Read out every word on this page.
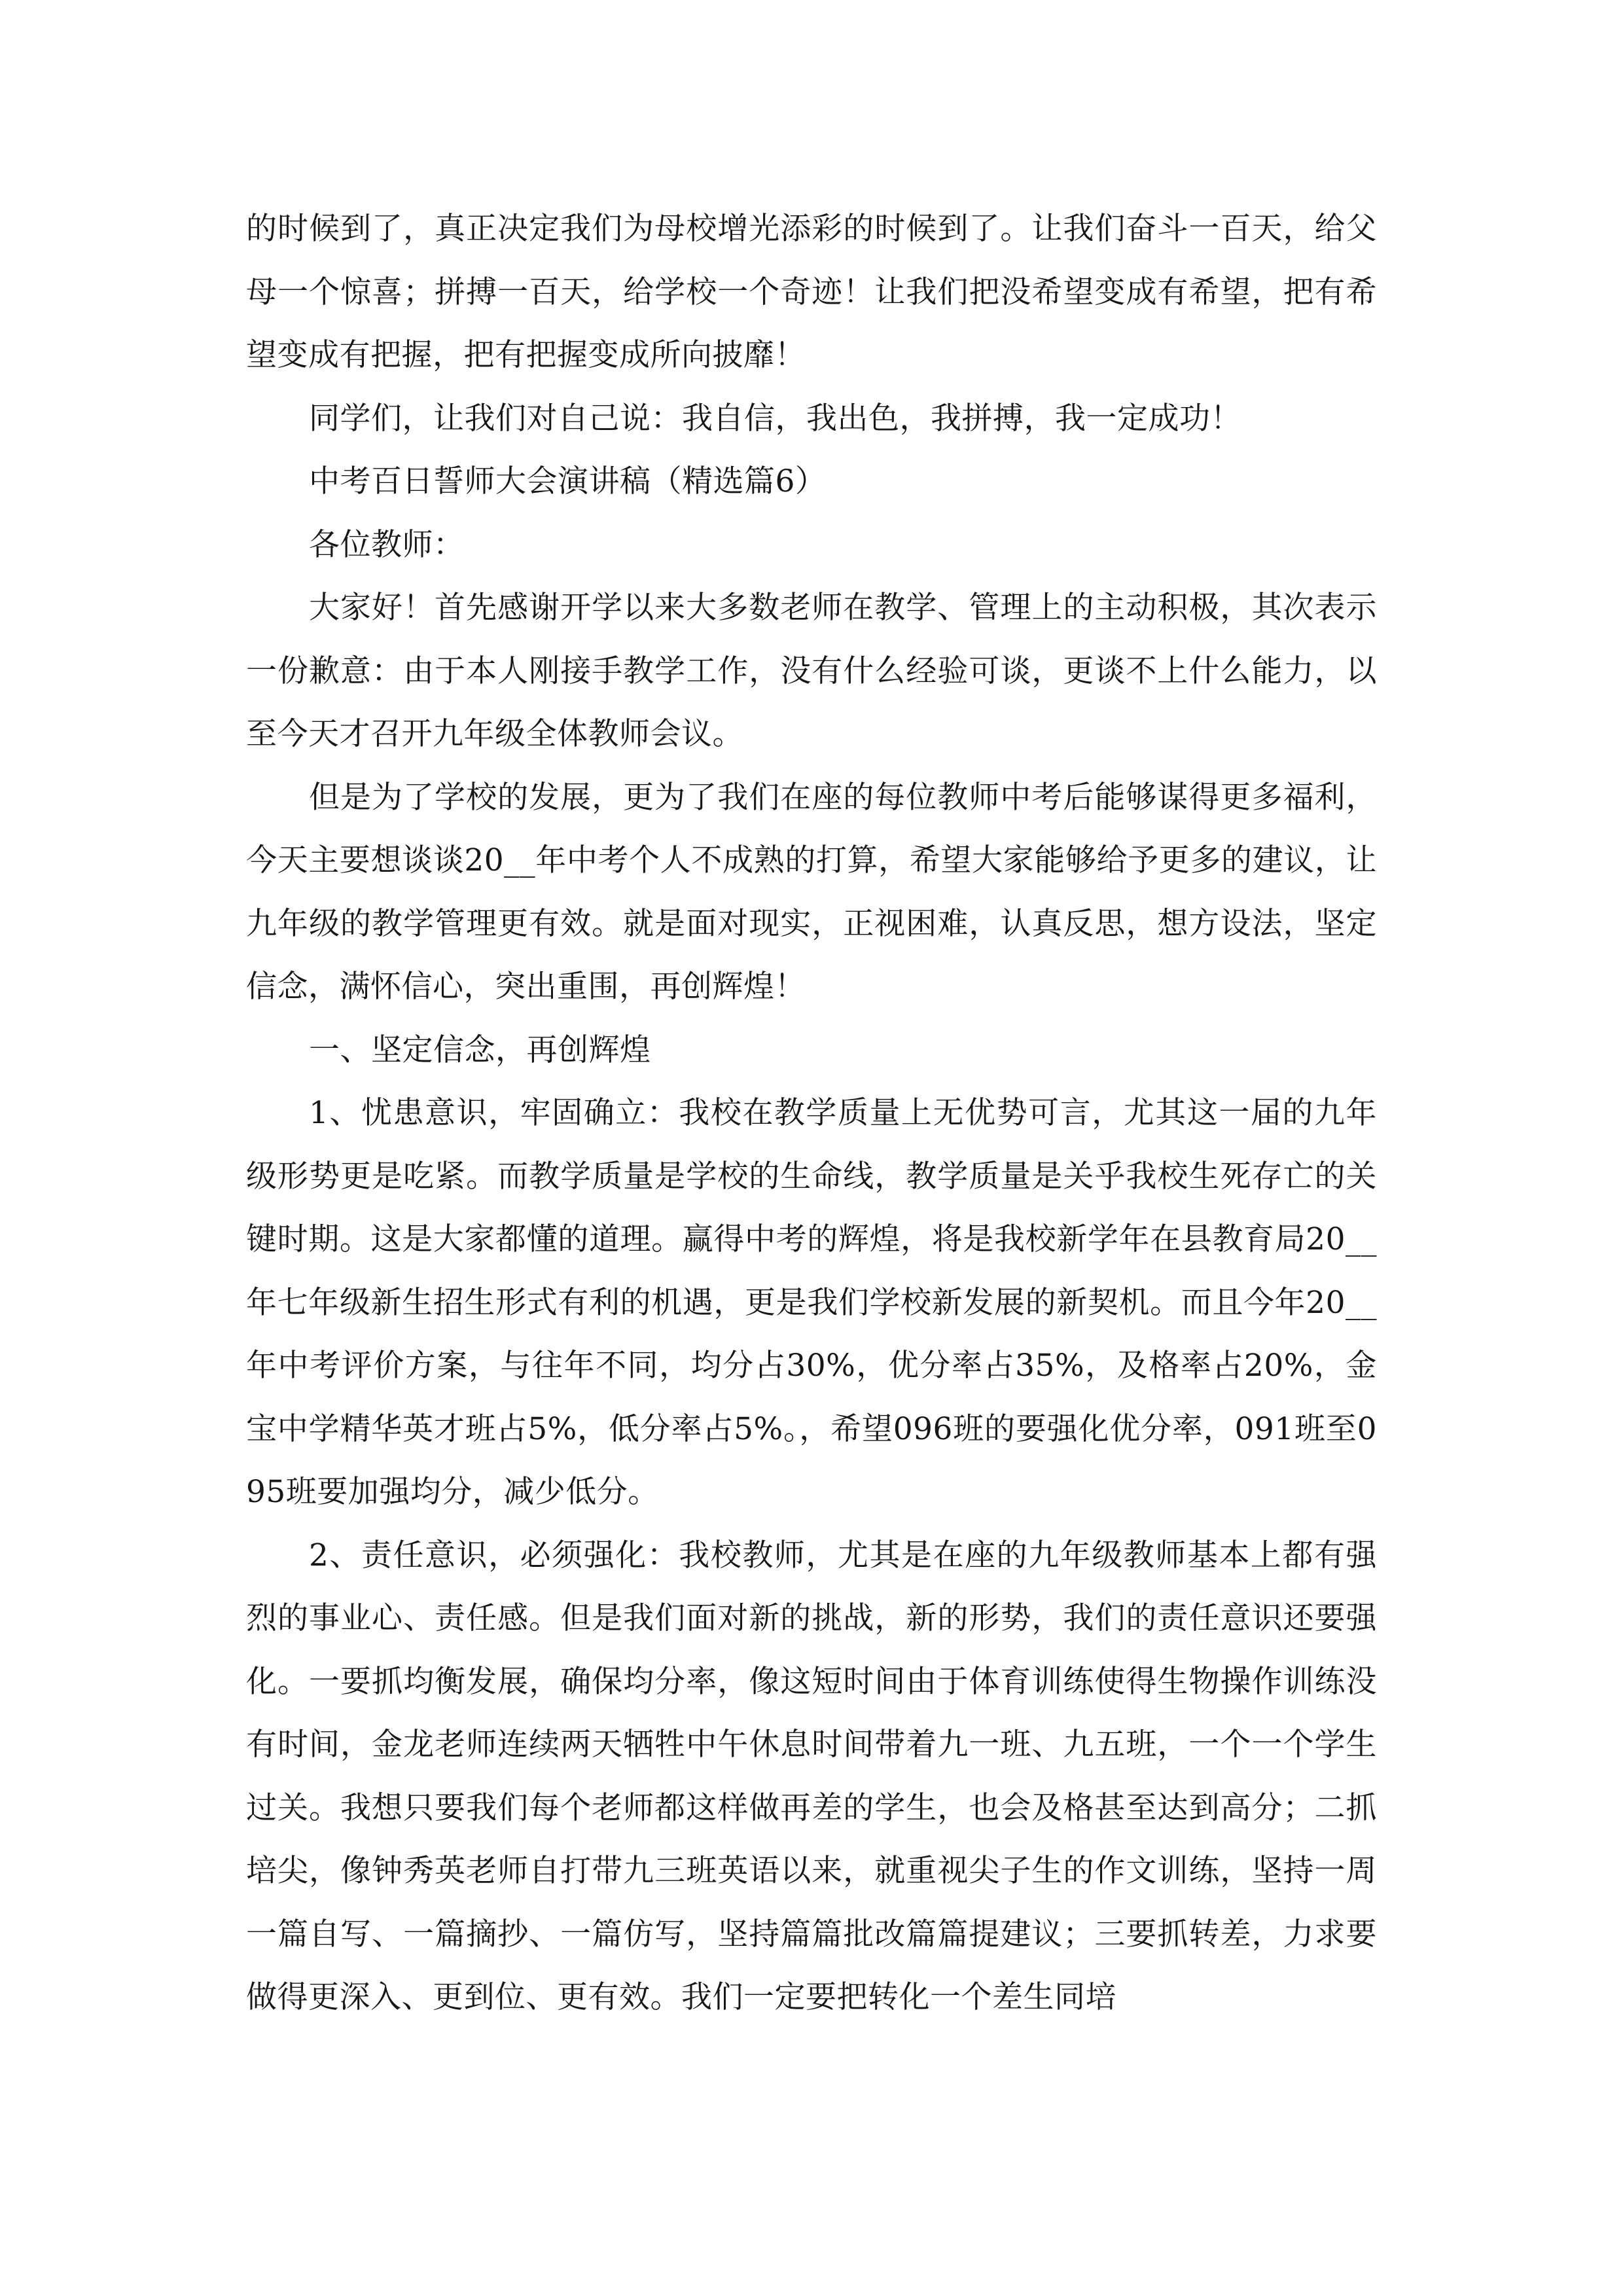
的时候到了，真正决定我们为母校增光添彩的时候到了。让我们奋斗一百天，给父母一个惊喜；拼搏一百天，给学校一个奇迹！让我们把没希望变成有希望，把有希望变成有把握，把有把握变成所向披靡！

同学们，让我们对自己说：我自信，我出色，我拼搏，我一定成功！

中考百日誓师大会演讲稿（精选篇6）

各位教师：

大家好！首先感谢开学以来大多数老师在教学、管理上的主动积极，其次表示一份歉意：由于本人刚接手教学工作，没有什么经验可谈，更谈不上什么能力，以至今天才召开九年级全体教师会议。

但是为了学校的发展，更为了我们在座的每位教师中考后能够谋得更多福利，今天主要想谈谈20__年中考个人不成熟的打算，希望大家能够给予更多的建议，让九年级的教学管理更有效。就是面对现实，正视困难，认真反思，想方设法，坚定信念，满怀信心，突出重围，再创辉煌！

一、坚定信念，再创辉煌

1、忧患意识，牢固确立：我校在教学质量上无优势可言，尤其这一届的九年级形势更是吃紧。而教学质量是学校的生命线，教学质量是关乎我校生死存亡的关键时期。这是大家都懂的道理。赢得中考的辉煌，将是我校新学年在县教育局20__年七年级新生招生形式有利的机遇，更是我们学校新发展的新契机。而且今年20__年中考评价方案，与往年不同，均分占30%，优分率占35%，及格率占20%，金宝中学精华英才班占5%，低分率占5%。，希望096班的要强化优分率，091班至095班要加强均分，减少低分。

2、责任意识，必须强化：我校教师，尤其是在座的九年级教师基本上都有强烈的事业心、责任感。但是我们面对新的挑战，新的形势，我们的责任意识还要强化。一要抓均衡发展，确保均分率，像这短时间由于体育训练使得生物操作训练没有时间，金龙老师连续两天牺牲中午休息时间带着九一班、九五班，一个一个学生过关。我想只要我们每个老师都这样做再差的学生，也会及格甚至达到高分；二抓培尖，像钟秀英老师自打带九三班英语以来，就重视尖子生的作文训练，坚持一周一篇自写、一篇摘抄、一篇仿写，坚持篇篇批改篇篇提建议；三要抓转差，力求要做得更深入、更到位、更有效。我们一定要把转化一个差生同培
